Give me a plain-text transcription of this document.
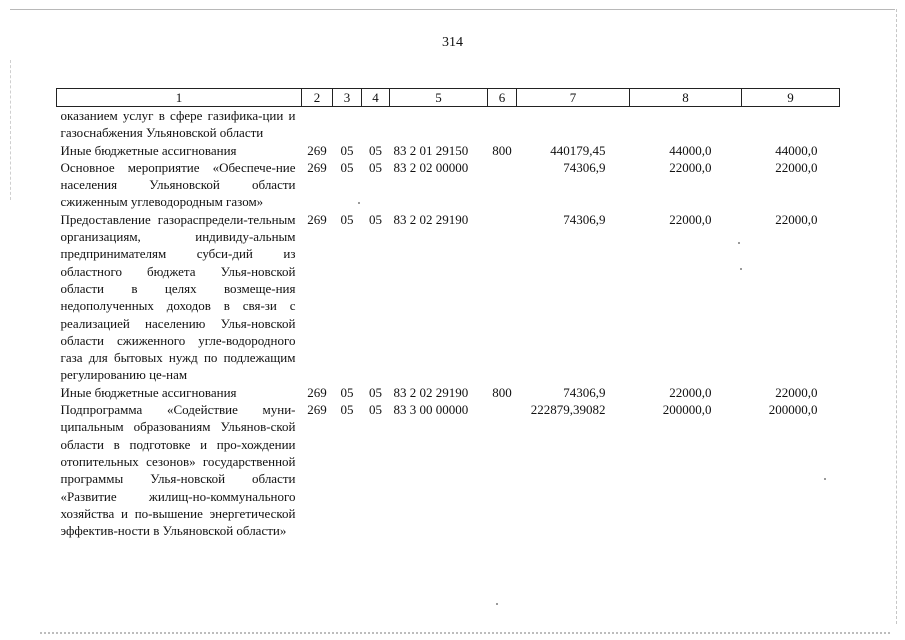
314
1	2	3	4	5	6	7	8	9
оказанием услуг в сфере газифика-ции и газоснабжения Ульяновской области								
Иные бюджетные ассигнования	269	05	05	83 2 01 29150	800	440179,45	44000,0	44000,0
Основное мероприятие «Обеспече-ние населения Ульяновской области сжиженным углеводородным газом»	269	05	05	83 2 02 00000		74306,9	22000,0	22000,0
Предоставление газораспредели-тельным организациям, индивиду-альным предпринимателям субси-дий из областного бюджета Улья-новской области в целях возмеще-ния недополученных доходов в свя-зи с реализацией населению Улья-новской области сжиженного угле-водородного газа для бытовых нужд по подлежащим регулированию це-нам	269	05	05	83 2 02 29190		74306,9	22000,0	22000,0
Иные бюджетные ассигнования	269	05	05	83 2 02 29190	800	74306,9	22000,0	22000,0
Подпрограмма «Содействие муни-ципальным образованиям Ульянов-ской области в подготовке и про-хождении отопительных сезонов» государственной программы Улья-новской области «Развитие жилищ-но-коммунального хозяйства и по-вышение энергетической эффектив-ности в Ульяновской области»	269	05	05	83 3 00 00000		222879,39082	200000,0	200000,0
